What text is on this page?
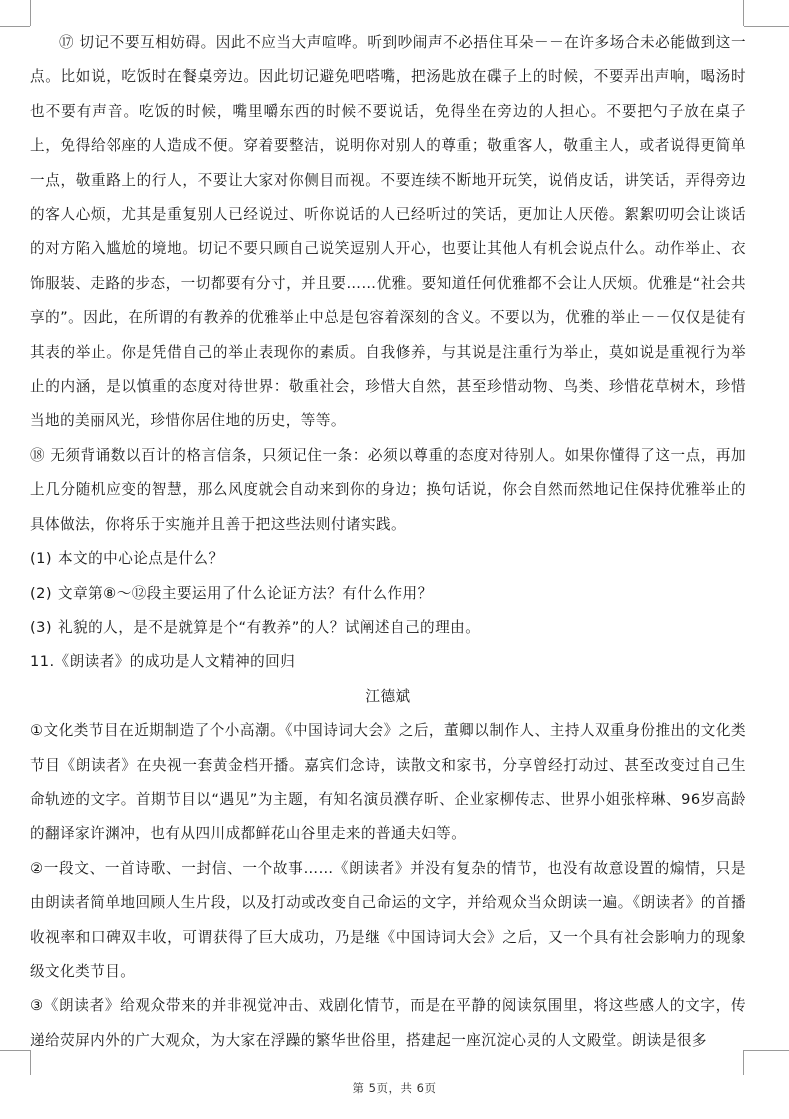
⑰ 切记不要互相妨碍。因此不应当大声喧哗。听到吵闹声不必捂住耳朵－－在许多场合未必能做到这一点。比如说，吃饭时在餐桌旁边。因此切记避免吧嗒嘴，把汤匙放在碟子上的时候，不要弄出声响，喝汤时也不要有声音。吃饭的时候，嘴里嚼东西的时候不要说话，免得坐在旁边的人担心。不要把勺子放在桌子上，免得给邻座的人造成不便。穿着要整洁，说明你对别人的尊重；敬重客人，敬重主人，或者说得更简单一点，敬重路上的行人，不要让大家对你侧目而视。不要连续不断地开玩笑，说俏皮话，讲笑话，弄得旁边的客人心烦，尤其是重复别人已经说过、听你说话的人已经听过的笑话，更加让人厌倦。絮絮叨叨会让谈话的对方陷入尴尬的境地。切记不要只顾自己说笑逗别人开心，也要让其他人有机会说点什么。动作举止、衣饰服装、走路的步态，一切都要有分寸，并且要……优雅。要知道任何优雅都不会让人厌烦。优雅是“社会共享的”。因此，在所谓的有教养的优雅举止中总是包容着深刻的含义。不要以为，优雅的举止－－仅仅是徒有其表的举止。你是凭借自己的举止表现你的素质。自我修养，与其说是注重行为举止，莫如说是重视行为举止的内涵，是以慎重的态度对待世界：敬重社会，珍惜大自然，甚至珍惜动物、鸟类、珍惜花草树木，珍惜当地的美丽风光，珍惜你居住地的历史，等等。

⑱ 无须背诵数以百计的格言信条，只须记住一条：必须以尊重的态度对待别人。如果你懂得了这一点，再加上几分随机应变的智慧，那么风度就会自动来到你的身边；换句话说，你会自然而然地记住保持优雅举止的具体做法，你将乐于实施并且善于把这些法则付诸实践。

(1) 本文的中心论点是什么？

(2) 文章第⑧～⑫段主要运用了什么论证方法？有什么作用？

(3) 礼貌的人，是不是就算是个“有教养”的人？试阐述自己的理由。

11.《朗读者》的成功是人文精神的回归

江德斌

①文化类节目在近期制造了个小高潮。《中国诗词大会》之后，董卿以制作人、主持人双重身份推出的文化类节目《朗读者》在央视一套黄金档开播。嘉宾们念诗，读散文和家书，分享曾经打动过、甚至改变过自己生命轨迹的文字。首期节目以“遇见”为主题，有知名演员濮存昕、企业家柳传志、世界小姐张梓琳、96岁高龄的翻译家许渊冲，也有从四川成都鲜花山谷里走来的普通夫妇等。

②一段文、一首诗歌、一封信、一个故事……《朗读者》并没有复杂的情节，也没有故意设置的煽情，只是由朗读者简单地回顾人生片段，以及打动或改变自己命运的文字，并给观众当众朗读一遍。《朗读者》的首播收视率和口碑双丰收，可谓获得了巨大成功，乃是继《中国诗词大会》之后，又一个具有社会影响力的现象级文化类节目。

③《朗读者》给观众带来的并非视觉冲击、戏剧化情节，而是在平静的阅读氛围里，将这些感人的文字，传递给荧屏内外的广大观众，为大家在浮躁的繁华世俗里，搭建起一座沉淀心灵的人文殿堂。朗读是很多

第 5页，共 6页
